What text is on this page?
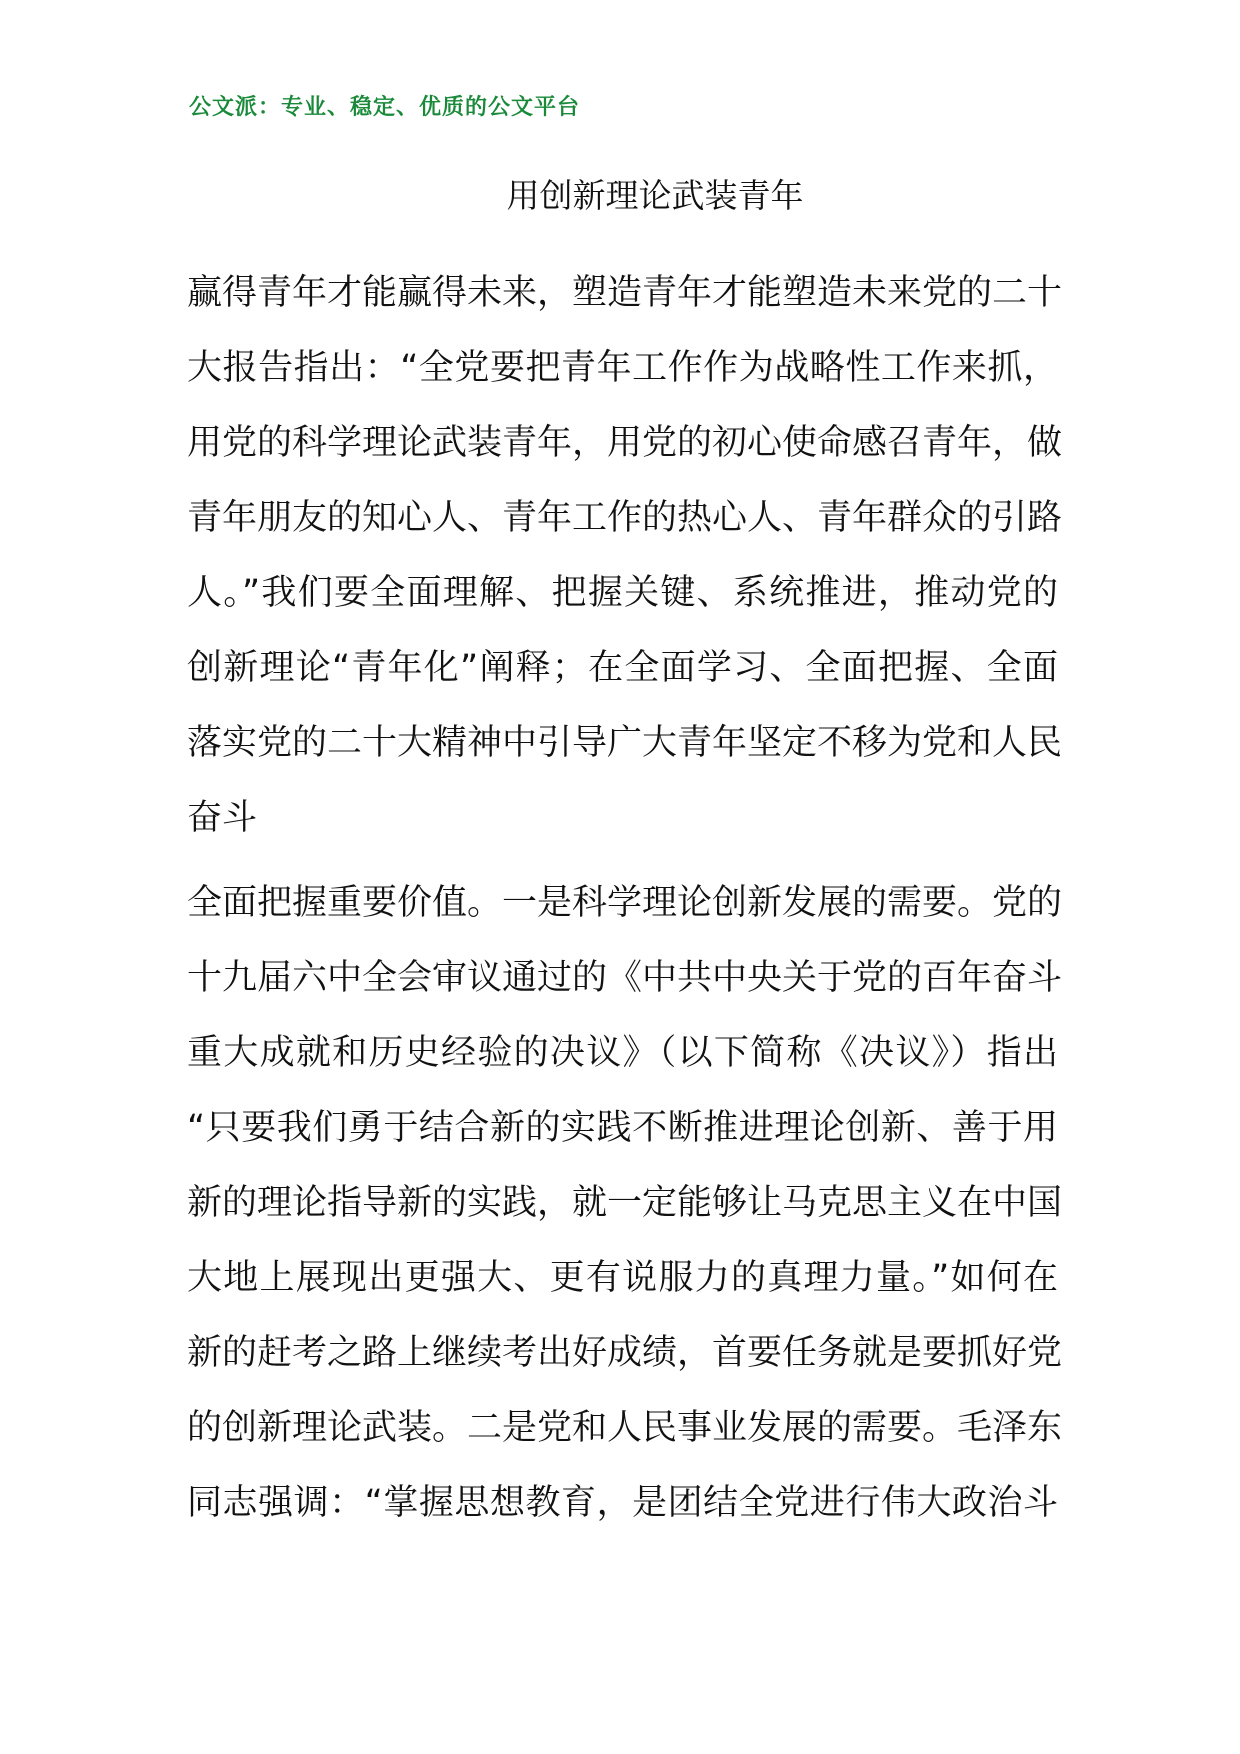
公文派：专业、稳定、优质的公文平台
用创新理论武装青年
赢得青年才能赢得未来，塑造青年才能塑造未来党的二十
大报告指出：“全党要把青年工作作为战略性工作来抓，
用党的科学理论武装青年，用党的初心使命感召青年，做
青年朋友的知心人、青年工作的热心人、青年群众的引路
人。”我们要全面理解、把握关键、系统推进，推动党的
创新理论“青年化”阐释；在全面学习、全面把握、全面
落实党的二十大精神中引导广大青年坚定不移为党和人民
奋斗
全面把握重要价值。一是科学理论创新发展的需要。党的
十九届六中全会审议通过的《中共中央关于党的百年奋斗
重大成就和历史经验的决议》（以下简称《决议》）指出
“只要我们勇于结合新的实践不断推进理论创新、善于用
新的理论指导新的实践，就一定能够让马克思主义在中国
大地上展现出更强大、更有说服力的真理力量。”如何在
新的赶考之路上继续考出好成绩，首要任务就是要抓好党
的创新理论武装。二是党和人民事业发展的需要。毛泽东
同志强调：“掌握思想教育，是团结全党进行伟大政治斗
